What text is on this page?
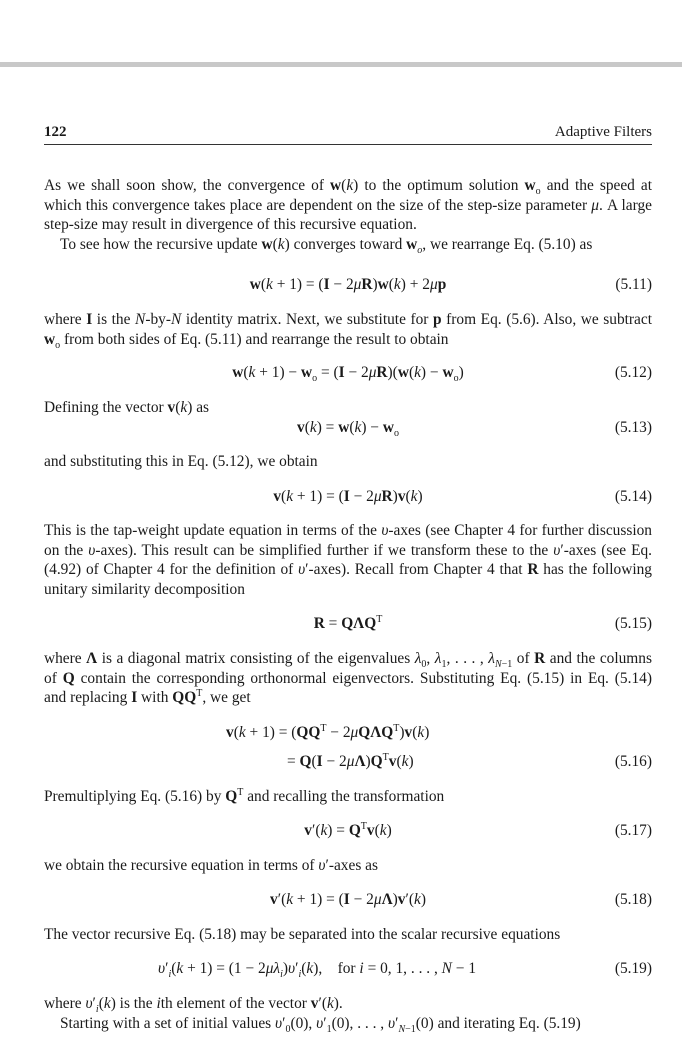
122	Adaptive Filters
As we shall soon show, the convergence of w(k) to the optimum solution $w_o$ and the speed at which this convergence takes place are dependent on the size of the step-size parameter μ. A large step-size may result in divergence of this recursive equation.
To see how the recursive update w(k) converges toward $w_o$, we rearrange Eq. (5.10) as
w(k + 1) = (I − 2μR)w(k) + 2μp	(5.11)
where I is the N-by-N identity matrix. Next, we substitute for p from Eq. (5.6). Also, we subtract $w_o$ from both sides of Eq. (5.11) and rearrange the result to obtain
$w(k + 1) - w_o = (I - 2\mu R)(w(k) - w_o)$	(5.12)
Defining the vector v(k) as
$v(k) = w(k) - w_o$	(5.13)
and substituting this in Eq. (5.12), we obtain
v(k + 1) = (I − 2μR)v(k)	(5.14)
This is the tap-weight update equation in terms of the υ-axes (see Chapter 4 for further discussion on the υ-axes). This result can be simplified further if we transform these to the υ′-axes (see Eq. (4.92) of Chapter 4 for the definition of υ′-axes). Recall from Chapter 4 that R has the following unitary similarity decomposition
$R = Q\Lambda Q^T$	(5.15)
where Λ is a diagonal matrix consisting of the eigenvalues $\lambda_0$, $\lambda_1$, . . . , $\lambda_{N-1}$ of R and the columns of Q contain the corresponding orthonormal eigenvectors. Substituting Eq. (5.15) in Eq. (5.14) and replacing I with $QQ^T$, we get
$v(k + 1) = (QQ^T - 2\mu Q\Lambda Q^T)v(k)$
= $Q(I - 2\mu\Lambda)Q^Tv(k)$	(5.16)
Premultiplying Eq. (5.16) by $Q^T$ and recalling the transformation
$v'(k) = Q^Tv(k)$	(5.17)
we obtain the recursive equation in terms of υ′-axes as
v′(k + 1) = (I − 2μΛ)v′(k)	(5.18)
The vector recursive Eq. (5.18) may be separated into the scalar recursive equations
$\upsilon'_i(k + 1) = (1 - 2\mu\lambda_i)\upsilon'_i(k)$,    for i = 0, 1, . . . , N − 1	(5.19)
where $\upsilon'_i(k)$ is the ith element of the vector v′(k).
Starting with a set of initial values $\upsilon'_0(0)$, $\upsilon'_1(0)$, . . . , $\upsilon'_{N-1}(0)$ and iterating Eq. (5.19)
